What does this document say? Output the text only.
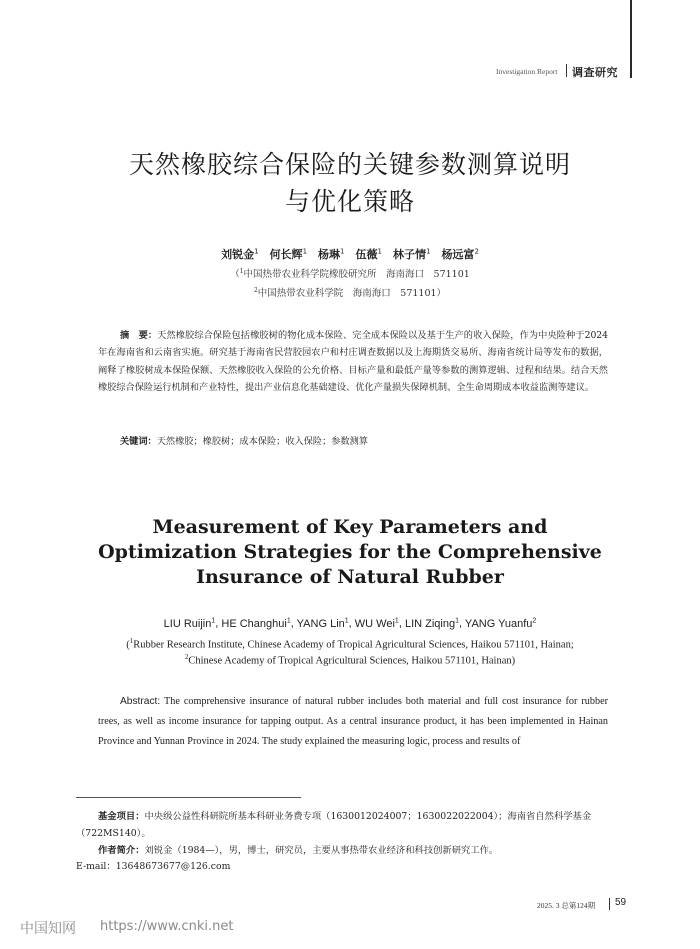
Investigation Report 调查研究
天然橡胶综合保险的关键参数测算说明
与优化策略
刘锐金$^1$　 何长辉$^1$　 杨琳$^1$　 伍薇$^1$　 林子情$^1$　 杨远富$^2$
（$^1$中国热带农业科学院橡胶研究所　海南海口　571101
$^2$中国热带农业科学院　海南海口　571101）
摘　要：天然橡胶综合保险包括橡胶树的物化成本保险、完全成本保险以及基于生产的收入保险，作为中央险种于2024年在海南省和云南省实施。研究基于海南省民营胶园农户和村庄调查数据以及上海期货交易所、海南省统计局等发布的数据，阐释了橡胶树成本保险保额、天然橡胶收入保险的公允价格、目标产量和最低产量等参数的测算逻辑、过程和结果。结合天然橡胶综合保险运行机制和产业特性，提出产业信息化基础建设、优化产量损失保障机制、全生命周期成本收益监测等建议。
关键词：天然橡胶；橡胶树；成本保险；收入保险；参数测算
Measurement of Key Parameters and
Optimization Strategies for the Comprehensive
Insurance of Natural Rubber
LIU Ruijin$^1$, HE Changhui$^1$, YANG Lin$^1$, WU Wei$^1$, LIN Ziqing$^1$, YANG Yuanfu$^2$
($^1$Rubber Research Institute, Chinese Academy of Tropical Agricultural Sciences, Haikou 571101, Hainan;
$^2$Chinese Academy of Tropical Agricultural Sciences, Haikou 571101, Hainan)
Abstract: The comprehensive insurance of natural rubber includes both material and full cost insurance for rubber trees, as well as income insurance for tapping output. As a central insurance product, it has been implemented in Hainan Province and Yunnan Province in 2024. The study explained the measuring logic, process and results of
基金项目：中央级公益性科研院所基本科研业务费专项（1630012024007；1630022022004）；海南省自然科学基金（722MS140）。
作者简介：刘锐金（1984—），男，博士，研究员，主要从事热带农业经济和科技创新研究工作。
E-mail：13648673677@126.com
2025. 3 总第124期 59
中国知网 https://www.cnki.net
